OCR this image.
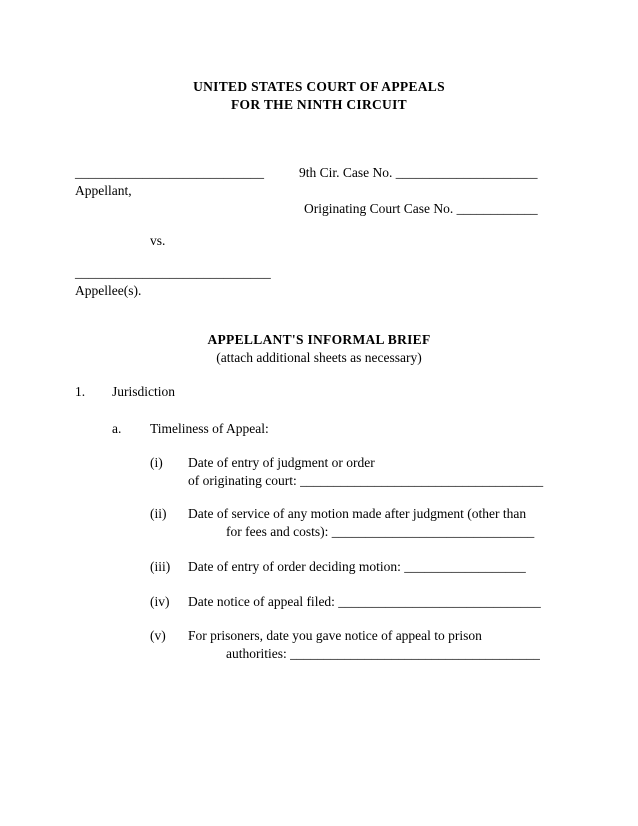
UNITED STATES COURT OF APPEALS
FOR THE NINTH CIRCUIT
____________________________	9th Cir. Case No. _____________________
Appellant,
Originating Court Case No. ____________
vs.
_____________________________
Appellee(s).
APPELLANT'S INFORMAL BRIEF
(attach additional sheets as necessary)
1. Jurisdiction
a. Timeliness of Appeal:
(i) Date of entry of judgment or order
of originating court: ____________________________________
(ii) Date of service of any motion made after judgment (other than
for fees and costs): ______________________________
(iii) Date of entry of order deciding motion: __________________
(iv) Date notice of appeal filed: ______________________________
(v) For prisoners, date you gave notice of appeal to prison
authorities: _____________________________________
